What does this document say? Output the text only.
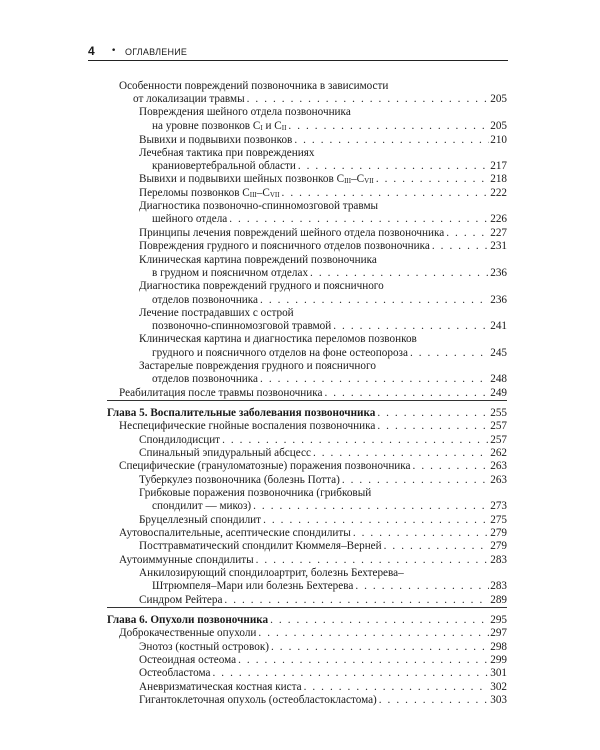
4 • ОГЛАВЛЕНИЕ
Особенности повреждений позвоночника в зависимости
от локализации травмы . . .	205
Повреждения шейного отдела позвоночника
на уровне позвонков $C_I$ и $C_{II}$ . . .	205
Вывихи и подвывихи позвонков . . .	210
Лечебная тактика при повреждениях
краниовертебральной области . . .	217
Вывихи и подвывихи шейных позвонков $C_{III}-C_{VII}$ . . .	218
Переломы позвонков $C_{III}-C_{VII}$ . . .	222
Диагностика позвоночно-спинномозговой травмы
шейного отдела . . .	226
Принципы лечения повреждений шейного отдела позвоночника . . .	227
Повреждения грудного и поясничного отделов позвоночника . . .	231
Клиническая картина повреждений позвоночника
в грудном и поясничном отделах . . .	236
Диагностика повреждений грудного и поясничного
отделов позвоночника . . .	236
Лечение пострадавших с острой
позвоночно-спинномозговой травмой . . .	241
Клиническая картина и диагностика переломов позвонков
грудного и поясничного отделов на фоне остеопороза . . .	245
Застарелые повреждения грудного и поясничного
отделов позвоночника . . .	248
Реабилитация после травмы позвоночника . . .	249
Глава 5. Воспалительные заболевания позвоночника . . .	255
Неспецифические гнойные воспаления позвоночника . . .	257
Спондилодисцит . . .	257
Спинальный эпидуральный абсцесс . . .	262
Специфические (грануломатозные) поражения позвоночника . . .	263
Туберкулез позвоночника (болезнь Потта) . . .	263
Грибковые поражения позвоночника (грибковый
спондилит — микоз) . . .	273
Бруцеллезный спондилит . . .	275
Аутовоспалительные, асептические спондилиты . . .	279
Посттравматический спондилит Кюммеля–Верней . . .	279
Аутоиммунные спондилиты . . .	283
Анкилозирующий спондилоартрит, болезнь Бехтерева–
Штрюмпеля–Мари или болезнь Бехтерева . . .	283
Синдром Рейтера . . .	289
Глава 6. Опухоли позвоночника . . .	295
Доброкачественные опухоли . . .	297
Энотоз (костный островок) . . .	298
Остеоидная остеома . . .	299
Остеобластома . . .	301
Аневризматическая костная киста . . .	302
Гигантоклеточная опухоль (остеобластокластома) . . .	303
